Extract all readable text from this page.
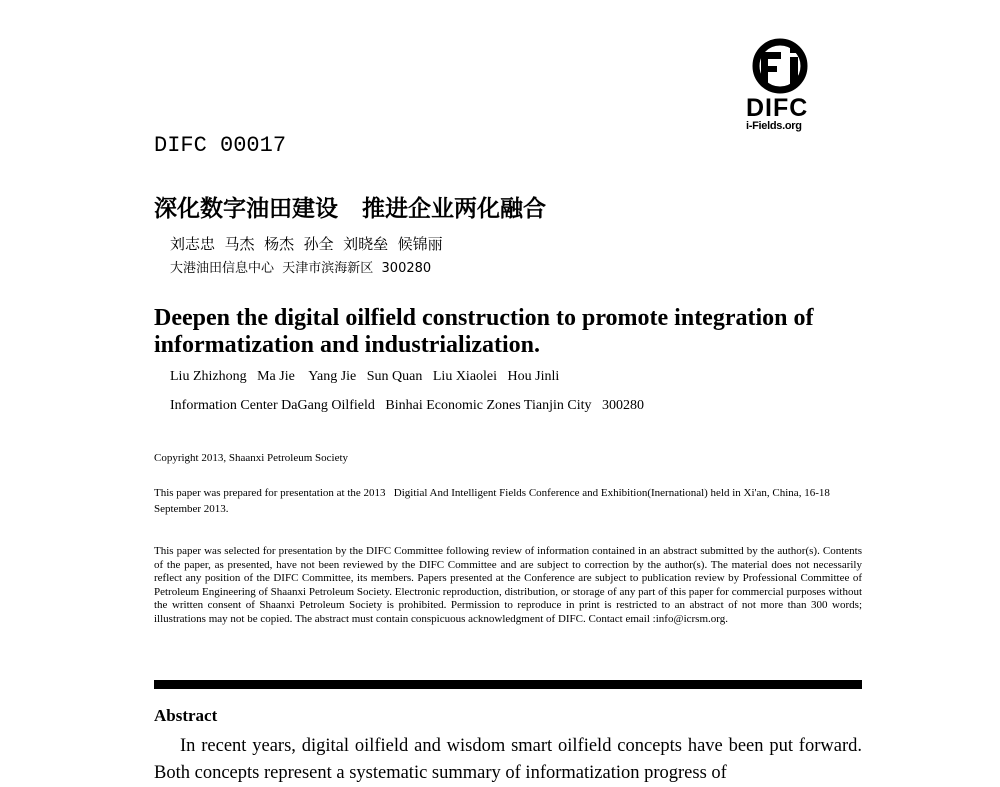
DIFC
i-Fields.org
DIFC 00017
深化数字油田建设   推进企业两化融合
刘志忠  马杰  杨杰  孙全  刘晓垒  候锦丽
大港油田信息中心  天津市滨海新区  300280
Deepen the digital oilfield construction to promote integration of informatization and industrialization.
Liu Zhizhong   Ma Jie    Yang Jie   Sun Quan   Liu Xiaolei   Hou Jinli
Information Center DaGang Oilfield   Binhai Economic Zones Tianjin City   300280
Copyright 2013, Shaanxi Petroleum Society
This paper was prepared for presentation at the 2013   Digitial And Intelligent Fields Conference and Exhibition(Inernational) held in Xi'an, China, 16-18 September 2013.
This paper was selected for presentation by the DIFC Committee following review of information contained in an abstract submitted by the author(s). Contents of the paper, as presented, have not been reviewed by the DIFC Committee and are subject to correction by the author(s). The material does not necessarily reflect any position of the DIFC Committee, its members. Papers presented at the Conference are subject to publication review by Professional Committee of Petroleum Engineering of Shaanxi Petroleum Society. Electronic reproduction, distribution, or storage of any part of this paper for commercial purposes without the written consent of Shaanxi Petroleum Society is prohibited. Permission to reproduce in print is restricted to an abstract of not more than 300 words; illustrations may not be copied. The abstract must contain conspicuous acknowledgment of DIFC. Contact email :info@icrsm.org.
Abstract
In recent years, digital oilfield and wisdom smart oilfield concepts have been put forward. Both concepts represent a systematic summary of informatization progress of
